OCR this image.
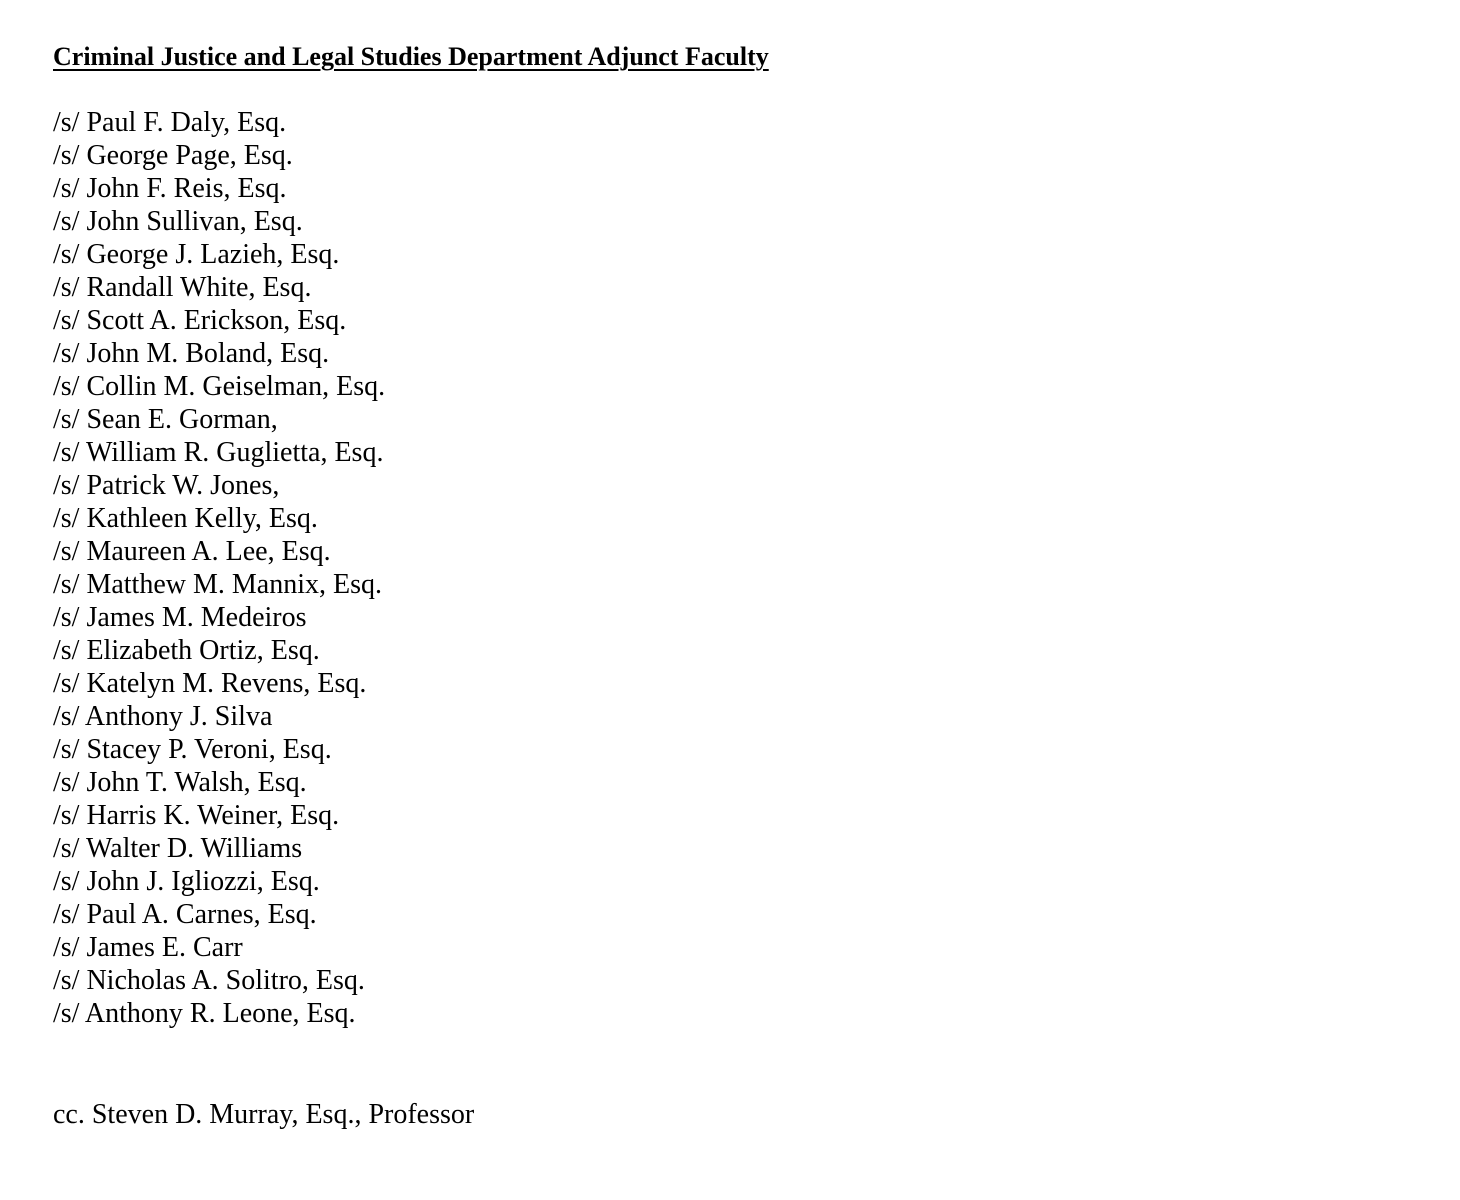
Criminal Justice and Legal Studies Department Adjunct Faculty
/s/ Paul F. Daly, Esq.
/s/ George Page, Esq.
/s/ John F. Reis, Esq.
/s/ John Sullivan, Esq.
/s/ George J. Lazieh, Esq.
/s/ Randall White, Esq.
/s/ Scott A. Erickson, Esq.
/s/ John M. Boland, Esq.
/s/ Collin M. Geiselman, Esq.
/s/ Sean E. Gorman,
/s/ William R. Guglietta, Esq.
/s/ Patrick W. Jones,
/s/ Kathleen Kelly, Esq.
/s/ Maureen A. Lee, Esq.
/s/ Matthew M. Mannix, Esq.
/s/ James M. Medeiros
/s/ Elizabeth Ortiz, Esq.
/s/ Katelyn M. Revens, Esq.
/s/ Anthony J. Silva
/s/ Stacey P. Veroni, Esq.
/s/ John T. Walsh, Esq.
/s/ Harris K. Weiner, Esq.
/s/ Walter D. Williams
/s/ John J. Igliozzi, Esq.
/s/ Paul A. Carnes, Esq.
/s/ James E. Carr
/s/ Nicholas A. Solitro, Esq.
/s/ Anthony R. Leone, Esq.
cc. Steven D. Murray, Esq., Professor
